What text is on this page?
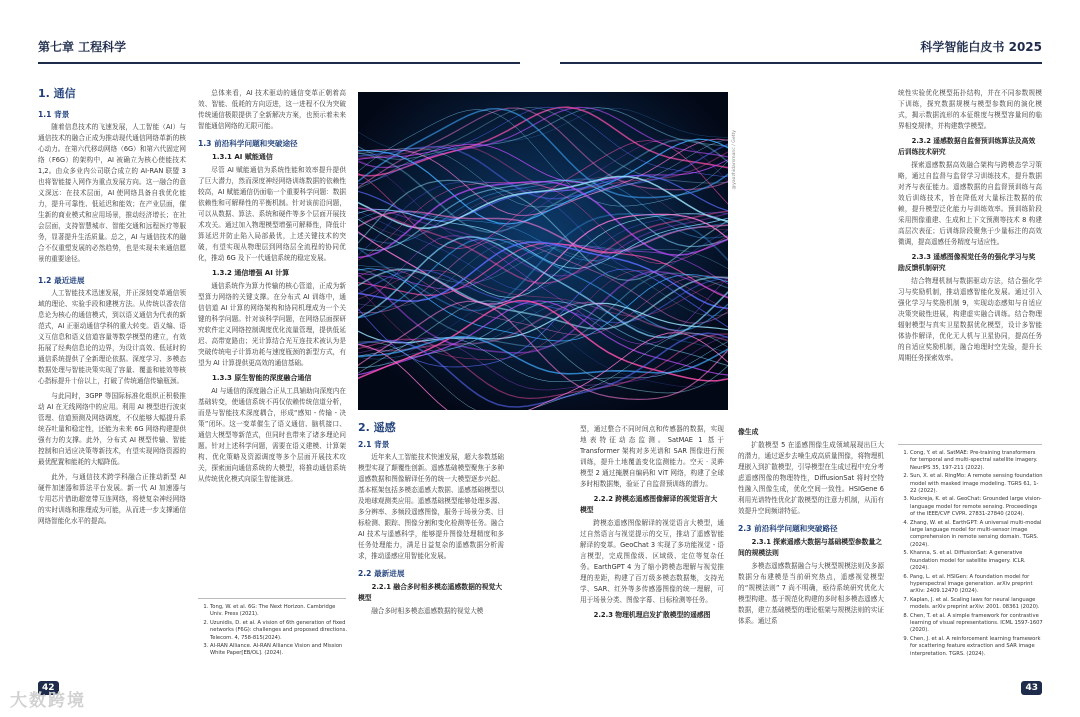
第七章 工程科学	科学智能白皮书 2025
1. 通信
1.1 背景

随着信息技术的飞速发展，人工智能（AI）与通信技术的融合正成为推动现代通信网络革新的核心动力。在第六代移动网络（6G）和第六代固定网络（F6G）的架构中，AI 被确立为核心使能技术 1,2。由众多业内公司联合成立的 AI-RAN 联盟 3 也将智能接入网作为重点发展方向。这一融合的意义深远：在技术层面，AI 使网络具备自我优化能力，提升可靠性、低延迟和能效；在产业层面，催生新的商业模式和应用场景，推动经济增长；在社会层面，支持智慧城市、智能交通和远程医疗等服务，显著提升生活质量。总之，AI 与通信技术的融合不仅重塑发展的必然趋势，也是实现未来通信愿景的重要途径。

1.2 最近进展

人工智能技术迅速发展，并正深刻变革通信领域的理论、实验手段和建模方法。从传统以香农信息论为核心的通信模式，到以语义通信为代表的新范式，AI 正驱动通信学科的重大转变。语义编、语义互信息和语义信道容量等数学模型的建立，有效拓展了经典信息论的边界，为设计高效、低延时的通信系统提供了全新理论依据。深度学习、多模态数据处理与智能决策实现了容量、覆盖和能效等核心指标提升十倍以上，打破了传统通信传输瓶颈。

与此同时，3GPP 等国际标准化组织正积极推动 AI 在无线网络中的应用。利用 AI 模型进行波束管理、信道预测及网络调度，不仅能够大幅提升系统吞吐量和稳定性，还能为未来 6G 网络构建提供强有力的支撑。此外，分布式 AI 模型传输、智能控制和自适应决策等新技术，有望实现网络资源的最优配置和能耗的大幅降低。

此外，与通信技术跨学科融合正推动新型 AI 硬件加速器和算法平台发展。新一代 AI 加速器与专用芯片借助超宽带互连网络，将使复杂神经网络的实时训练和推理成为可能，从而进一步支撑通信网络智能化水平的提高。

总体来看，AI 技术驱动的通信变革正朝着高效、智能、低耗的方向迈进，这一进程不仅为突破传统通信极限提供了全新解决方案，也预示着未来智能通信网络的无限可能。

1.3 前沿科学问题和突破途径
1.3.1 AI 赋能通信

尽管 AI 赋能通信为系统性能和效率提升提供了巨大潜力，然而深度神经网络训练数据的依赖性较高，AI 赋能通信仍面临一个重要科学问题：数据依赖性和可解释性的平衡机制。针对该前沿问题，可以从数据、算法、系统和硬件等多个层面开展技术攻关。通过加入物理模型增强可解释性，降低计算延迟并防止陷入局部最优，上述关键技术的突破，有望实现从物理层到网络层全流程的协同优化，推动 6G 及下一代通信系统的稳定发展。

1.3.2 通信增强 AI 计算

通信系统作为算力传输的核心管道，正成为新型算力网络的关键支撑。在分布式 AI 训练中，通信信道 AI 计算的网络架构和协同机理成为一个关键的科学问题。针对该科学问题，在网络层面探研究软件定义网络控制调度优化流量管理，提供低延迟、高带宽路由；光计算结合光互连技术被认为是突破传统电子计算功耗与速度瓶颈的新型方式，有望为 AI 计算提供更高效的通信基础。

1.3.3 原生智能的深度融合通信

AI 与通信的深度融合正从工具辅助向深度内在基础转变，使通信系统不再仅依赖传统信道分析，而是与智能技术深度耦合，形成“感知 - 传输 - 决策”闭环。这一变革催生了语义通信、脑机接口、通信大模型等新范式，但同时也带来了诸多理论问题。针对上述科学问题，需要在语义建模、计算架构、优化策略及资源调度等多个层面开展技术攻关，探索面向通信系统的大模型，将推动通信系统从传统优化模式向原生智能演进。

1. Tong, W. et al. 6G: The Next Horizon. Cambridge Univ. Press (2021).
2. Uzunidis, D. et al. A vision of 6th generation of fixed networks (F6G): challenges and proposed directions. Telecom. 4, 758-815(2024).
3. AI-RAN Alliance. AI-RAN Alliance Vision and Mission White Paper[EB/OL]. (2024).
@yaozhidarsmanc / Getty
2. 遥感
2.1 背景

近年来人工智能技术快速发展，超大参数基础模型实现了颠覆性创新。遥感基础模型聚焦于多种遥感数据和图像解译任务的统一大模型逐步兴起。基本框架包括多模态遥感大数据、遥感基础模型以及地球观测类应用。遥感基础模型能够处理多源、多分辨率、多频段遥感图像，服务于场景分类、目标检测、跟踪、图像分割和变化检测等任务。融合 AI 技术与遥感科学，能够提升图像处理精度和多任务处理能力，满足日益复杂的遥感数据分析需求，推动遥感应用智能化发展。

2.2 最新进展
2.2.1 融合多时相多模态遥感数据的视觉大模型

融合多时相多模态遥感数据的视觉大模

型，通过整合不同时间点和传感器的数据，实现地表特征动态监测。SatMAE 1 基于 Transformer 架构对多光谱和 SAR 图像进行预训练，提升土地覆盖变化监测能力。空天 · 灵眸模型 2 通过掩膜自编码和 ViT 网络，构建了全球多时相数据集，验证了自监督预训练的潜力。

2.2.2 跨模态遥感图像解译的视觉语言大模型

跨模态遥感图像解译的视觉语言大模型，通过自然语言与视觉提示的交互，推动了遥感智能解译的变革。GeoChat 3 实现了多功能视觉 - 语言模型，完成图像级、区域级、定位等复杂任务。EarthGPT 4 为了缩小跨模态理解与视觉推理的差距，构建了百万级多模态数据集，支持光学、SAR、红外等多传感器图像的统一理解，可用于场景分类、图像字幕、目标检测等任务。

2.2.3 物理机理启发扩散模型的遥感图
像生成

扩散模型 5 在遥感图像生成领域展现出巨大的潜力，通过逐步去噪生成高质量图像，将物理机理嵌入到扩散模型，引导模型在生成过程中充分考虑遥感图像的物理特性，DiffusionSat 将时空特性融入图像生成，优化空间一致性。HSIGene 6 利用光谱特性优化扩散模型的注意力机制，从而有效提升空间频谱特征。

2.3 前沿科学问题和突破路径
2.3.1 探索遥感大数据与基础模型参数量之间的规模法则

多模态遥感数据融合与大模型规模法则及多源数据分布建模是当前研究热点，遥感视觉模型的“规模法则” 7 尚不明确，亟待系统研究优化大模型构建。基于规范化构建的多时相多模态遥感大数据，建立基础模型的理论框架与规模法则的实证体系。通过系

统性实验优化模型拓扑结构，并在不同参数规模下训练，探究数据规模与模型参数间的演化模式，揭示数据流形的本征维度与模型容量间的临界相变规律，并构建数学模型。

2.3.2 遥感数据自监督预训练算法及高效后训练技术研究

探索遥感数据高效融合架构与跨模态学习策略，通过自监督与监督学习训练技术，提升数据对齐与表征能力。遥感数据的自监督预训练与高效后训练技术，旨在降低对大量标注数据的依赖，提升模型泛化能力与训练效率。预训练阶段采用图像重建、生成和上下文预测等技术 8 构建高层次表征；后训练阶段聚焦于少量标注的高效微调，提高遥感任务精度与适应性。

2.3.3 遥感图像视觉任务的强化学习与奖励反馈机制研究

结合物理机制与数据驱动方法，结合强化学习与奖励机制，推动遥感智能化发展。通过引入强化学习与奖励机制 9，实现动态感知与自适应决策突破性进展，构建虚实融合训练。结合物理辐射模型与真实卫星数据优化模型，设计多智能体协作解译，优化无人机与卫星协同，提高任务的自适应奖励机制，融合地理时空先验，提升长周期任务探索效率。

1. Cong, Y. et al. SatMAE: Pre-training transformers for temporal and multi-spectral satellite imagery. NeurIPS 35, 197-211 (2022).
2. Sun, X. et al. RingMo: A remote sensing foundation model with masked image modeling. TGRS 61, 1-22 (2022).
3. Kuckreja, K. et al. GeoChat: Grounded large vision-language model for remote sensing. Proceedings of the IEEE/CVF CVPR. 27831-27840 (2024).
4. Zhang, W. et al. EarthGPT: A universal multi-modal large language model for multi-sensor image comprehension in remote sensing domain. TGRS. (2024).
5. Khanna, S. et al. DiffusionSat: A generative foundation model for satellite imagery. ICLR. (2024).
6. Pang, L. et al. HSIGen: A foundation model for hyperspectral image generation. arXiv preprint arXiv: 2409.12470 (2024).
7. Kaplan, J. et al. Scaling laws for neural language models. arXiv preprint arXiv: 2001. 08361 (2020).
8. Chen, T. et al. A simple framework for contrastive learning of visual representations. ICML 1597-1607 (2020).
9. Chen, J. et al. A reinforcement learning framework for scattering feature extraction and SAR image interpretation. TGRS. (2024).
42	43
大数跨境
